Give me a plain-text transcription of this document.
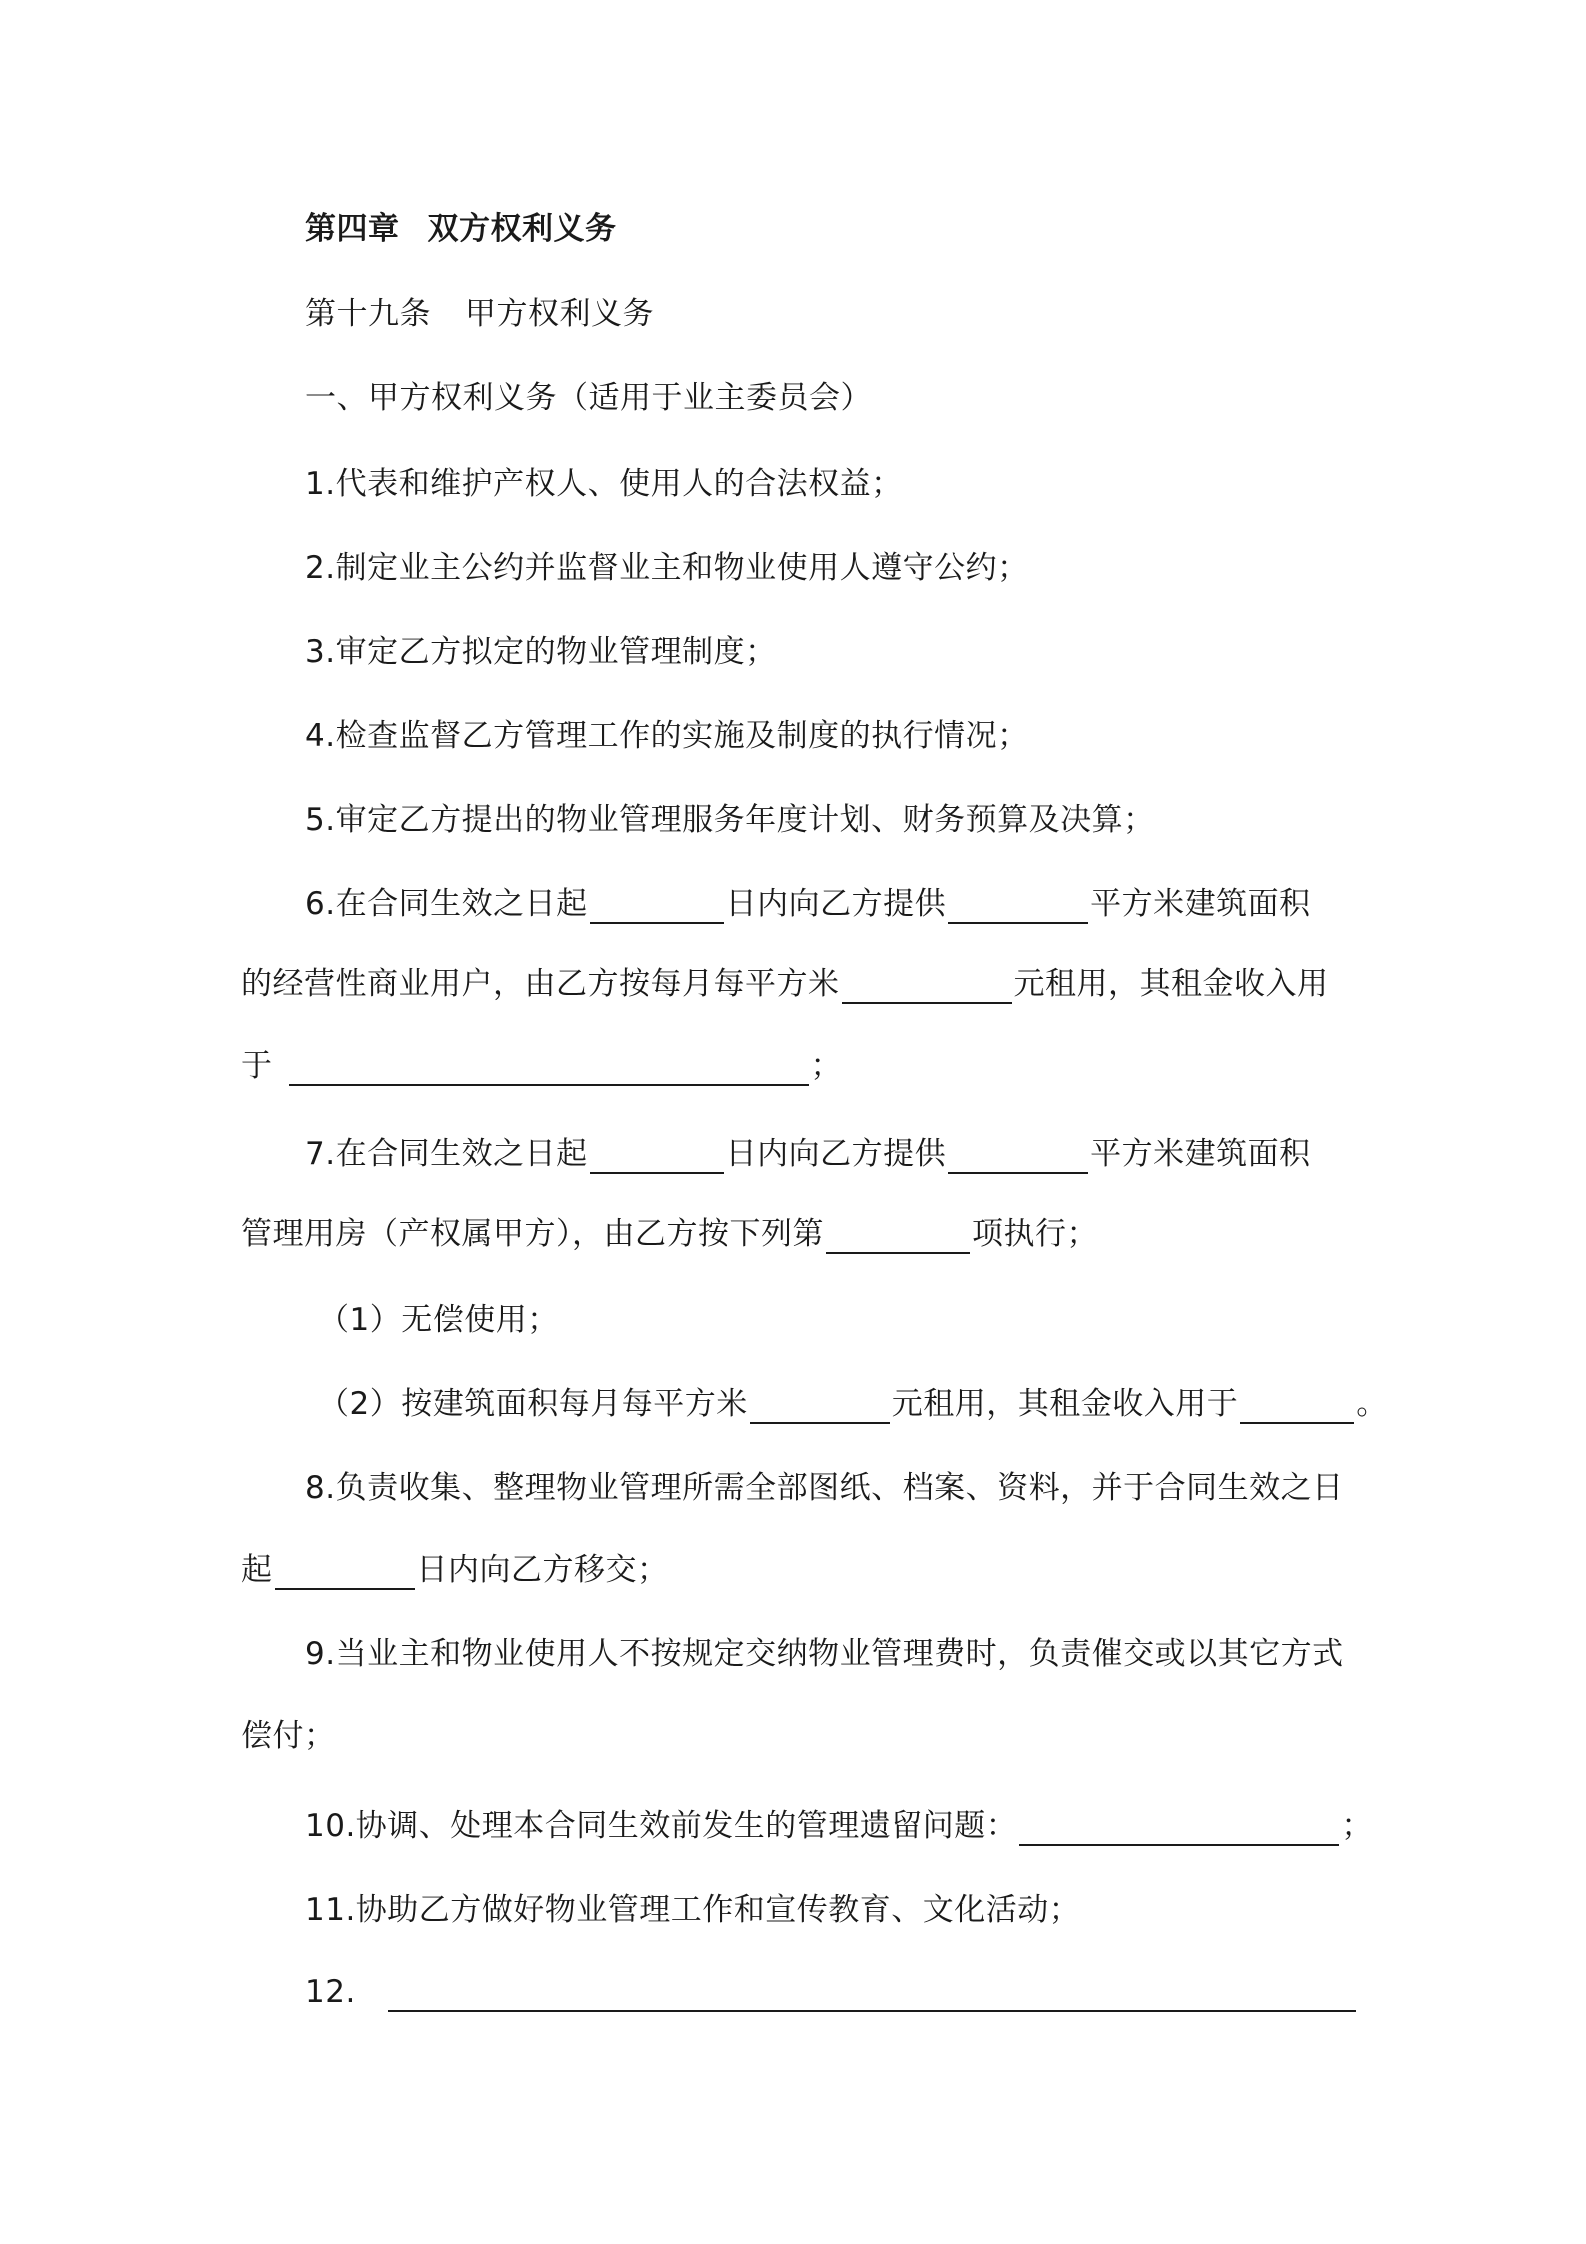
第四章 双方权利义务
第十九条 甲方权利义务
一、甲方权利义务（适用于业主委员会）
1.代表和维护产权人、使用人的合法权益；
2.制定业主公约并监督业主和物业使用人遵守公约；
3.审定乙方拟定的物业管理制度；
4.检查监督乙方管理工作的实施及制度的执行情况；
5.审定乙方提出的物业管理服务年度计划、财务预算及决算；
6.在合同生效之日起	日内向乙方提供	平方米建筑面积
的经营性商业用户，由乙方按每月每平方米	元租用，其租金收入用
于	；
7.在合同生效之日起	日内向乙方提供	平方米建筑面积
管理用房（产权属甲方），由乙方按下列第	项执行；
（1）无偿使用；
（2）按建筑面积每月每平方米	元租用，其租金收入用于	。
8.负责收集、整理物业管理所需全部图纸、档案、资料，并于合同生效之日
起	日内向乙方移交；
9.当业主和物业使用人不按规定交纳物业管理费时，负责催交或以其它方式
偿付；
10.协调、处理本合同生效前发生的管理遗留问题：	；
11.协助乙方做好物业管理工作和宣传教育、文化活动；
12.
